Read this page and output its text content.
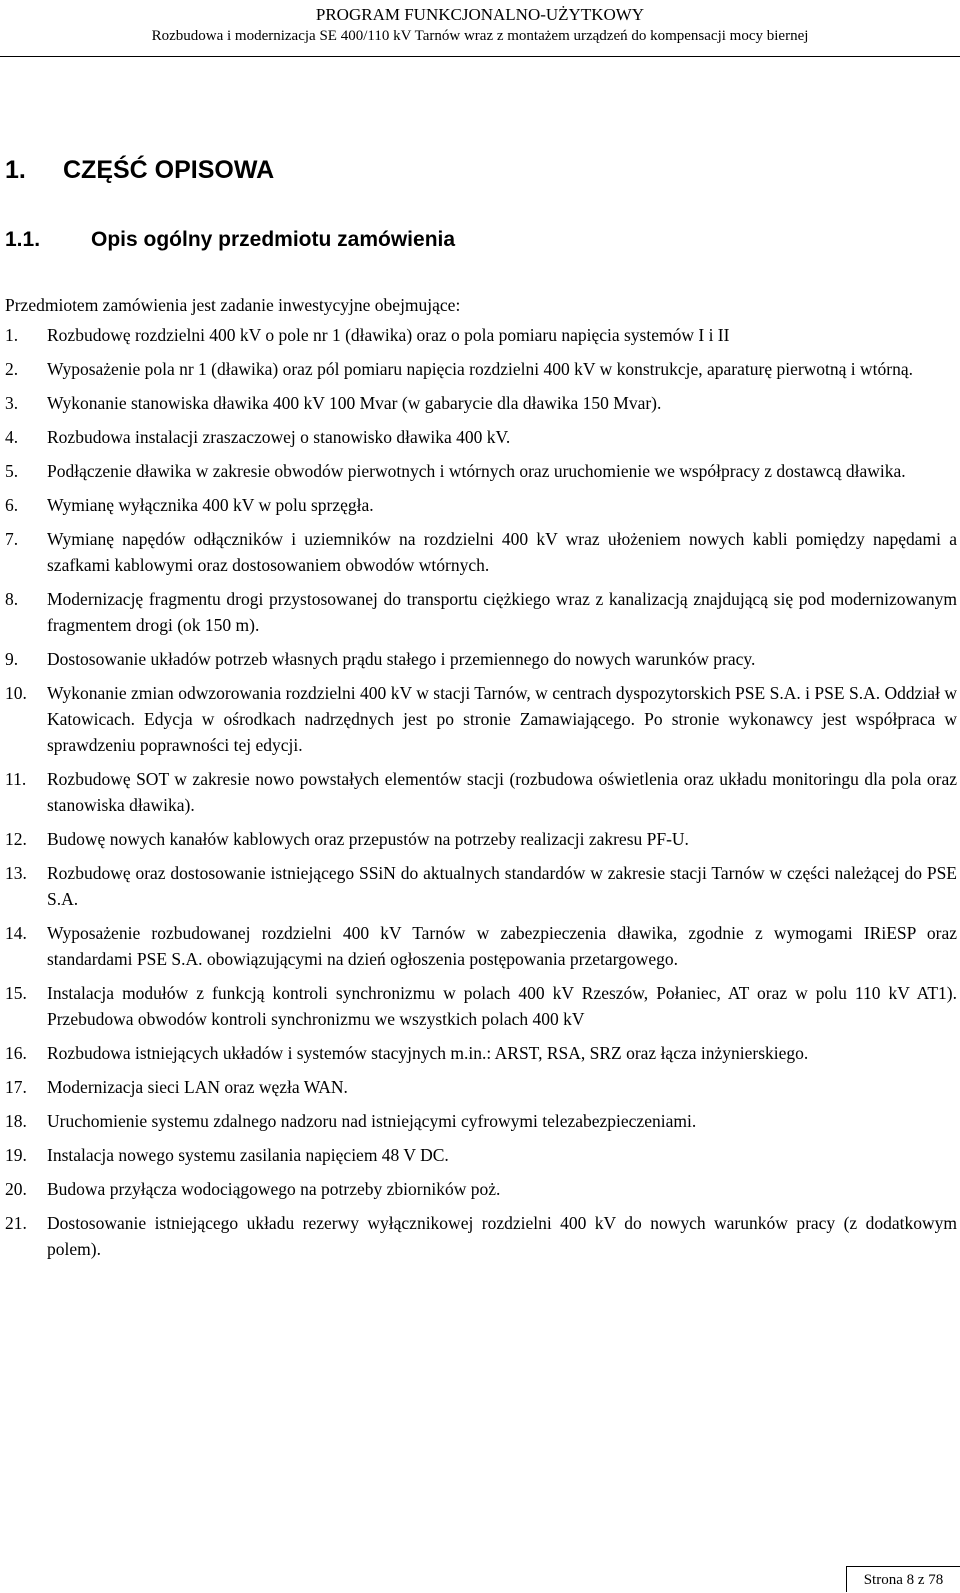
PROGRAM FUNKCJONALNO-UŻYTKOWY

Rozbudowa i modernizacja SE 400/110 kV Tarnów wraz z montażem urządzeń do kompensacji mocy biernej

1. CZĘŚĆ OPISOWA
1.1. Opis ogólny przedmiotu zamówienia

Przedmiotem zamówienia jest zadanie inwestycyjne obejmujące:

1. Rozbudowę rozdzielni 400 kV o pole nr 1 (dławika) oraz o pola pomiaru napięcia systemów I i II
2. Wyposażenie pola nr 1 (dławika) oraz pól pomiaru napięcia rozdzielni 400 kV w konstrukcje, aparaturę pierwotną i wtórną.
3. Wykonanie stanowiska dławika 400 kV 100 Mvar (w gabarycie dla dławika 150 Mvar).
4. Rozbudowa instalacji zraszaczowej o stanowisko dławika 400 kV.
5. Podłączenie dławika w zakresie obwodów pierwotnych i wtórnych oraz uruchomienie we współpracy z dostawcą dławika.
6. Wymianę wyłącznika 400 kV w polu sprzęgła.
7. Wymianę napędów odłączników i uziemników na rozdzielni 400 kV wraz ułożeniem nowych kabli pomiędzy napędami a szafkami kablowymi oraz dostosowaniem obwodów wtórnych.
8. Modernizację fragmentu drogi przystosowanej do transportu ciężkiego wraz z kanalizacją znajdującą się pod modernizowanym fragmentem drogi (ok 150 m).
9. Dostosowanie układów potrzeb własnych prądu stałego i przemiennego do nowych warunków pracy.
10. Wykonanie zmian odwzorowania rozdzielni 400 kV w stacji Tarnów, w centrach dyspozytorskich PSE S.A. i PSE S.A. Oddział w Katowicach. Edycja w ośrodkach nadrzędnych jest po stronie Zamawiającego. Po stronie wykonawcy jest współpraca w sprawdzeniu poprawności tej edycji.
11. Rozbudowę SOT w zakresie nowo powstałych elementów stacji (rozbudowa oświetlenia oraz układu monitoringu dla pola oraz stanowiska dławika).
12. Budowę nowych kanałów kablowych oraz przepustów na potrzeby realizacji zakresu PF-U.
13. Rozbudowę oraz dostosowanie istniejącego SSiN do aktualnych standardów w zakresie stacji Tarnów w części należącej do PSE S.A.
14. Wyposażenie rozbudowanej rozdzielni 400 kV Tarnów w zabezpieczenia dławika, zgodnie z wymogami IRiESP oraz standardami PSE S.A. obowiązującymi na dzień ogłoszenia postępowania przetargowego.
15. Instalacja modułów z funkcją kontroli synchronizmu w polach 400 kV Rzeszów, Połaniec, AT oraz w polu 110 kV AT1). Przebudowa obwodów kontroli synchronizmu we wszystkich polach 400 kV
16. Rozbudowa istniejących układów i systemów stacyjnych m.in.: ARST, RSA, SRZ oraz łącza inżynierskiego.
17. Modernizacja sieci LAN oraz węzła WAN.
18. Uruchomienie systemu zdalnego nadzoru nad istniejącymi cyfrowymi telezabezpieczeniami.
19. Instalacja nowego systemu zasilania napięciem 48 V DC.
20. Budowa przyłącza wodociągowego na potrzeby zbiorników poż.
21. Dostosowanie istniejącego układu rezerwy wyłącznikowej rozdzielni 400 kV do nowych warunków pracy (z dodatkowym polem).
Strona 8 z 78
